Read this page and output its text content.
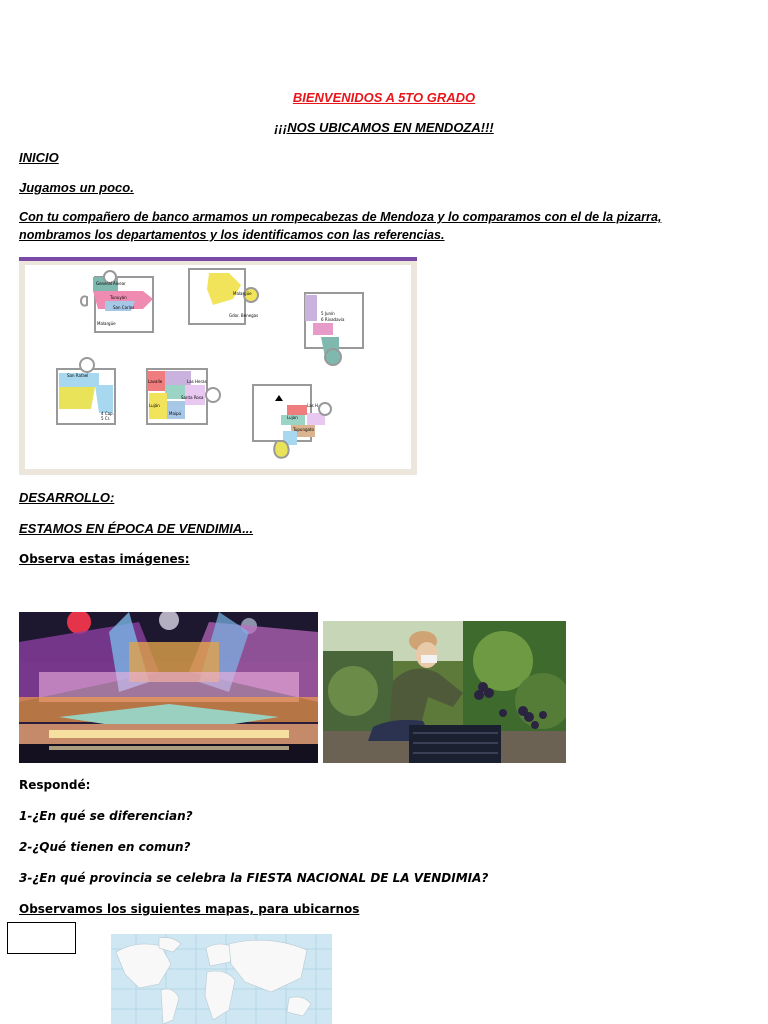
BIENVENIDOS A 5TO GRADO

¡¡¡NOS UBICAMOS EN MENDOZA!!!

INICIO

Jugamos un poco.

Con tu compañero de banco armamos un rompecabezas de Mendoza y lo comparamos con el de la pizarra,

nombramos los departamentos y los identificamos con las referencias.

General Alvear
Tunuyán
San Carlos
Malargüe
Malargüe
Gdor. Benegas	5 Junín
6 Rivadavia
San Rafael
4 Cap.
5 Cr.
Lavalle	Las Heras
Santa Rosa
Luján
Maipú
Las H.
Lujan
Tupungato

DESARROLLO:

ESTAMOS EN ÉPOCA DE VENDIMIA...

Observa estas imágenes:

Respondé:

1-¿En qué se diferencian?

2-¿Qué tienen en comun?

3-¿En qué provincia se celebra la FIESTA NACIONAL DE LA VENDIMIA?

Observamos los siguientes mapas, para ubicarnos
